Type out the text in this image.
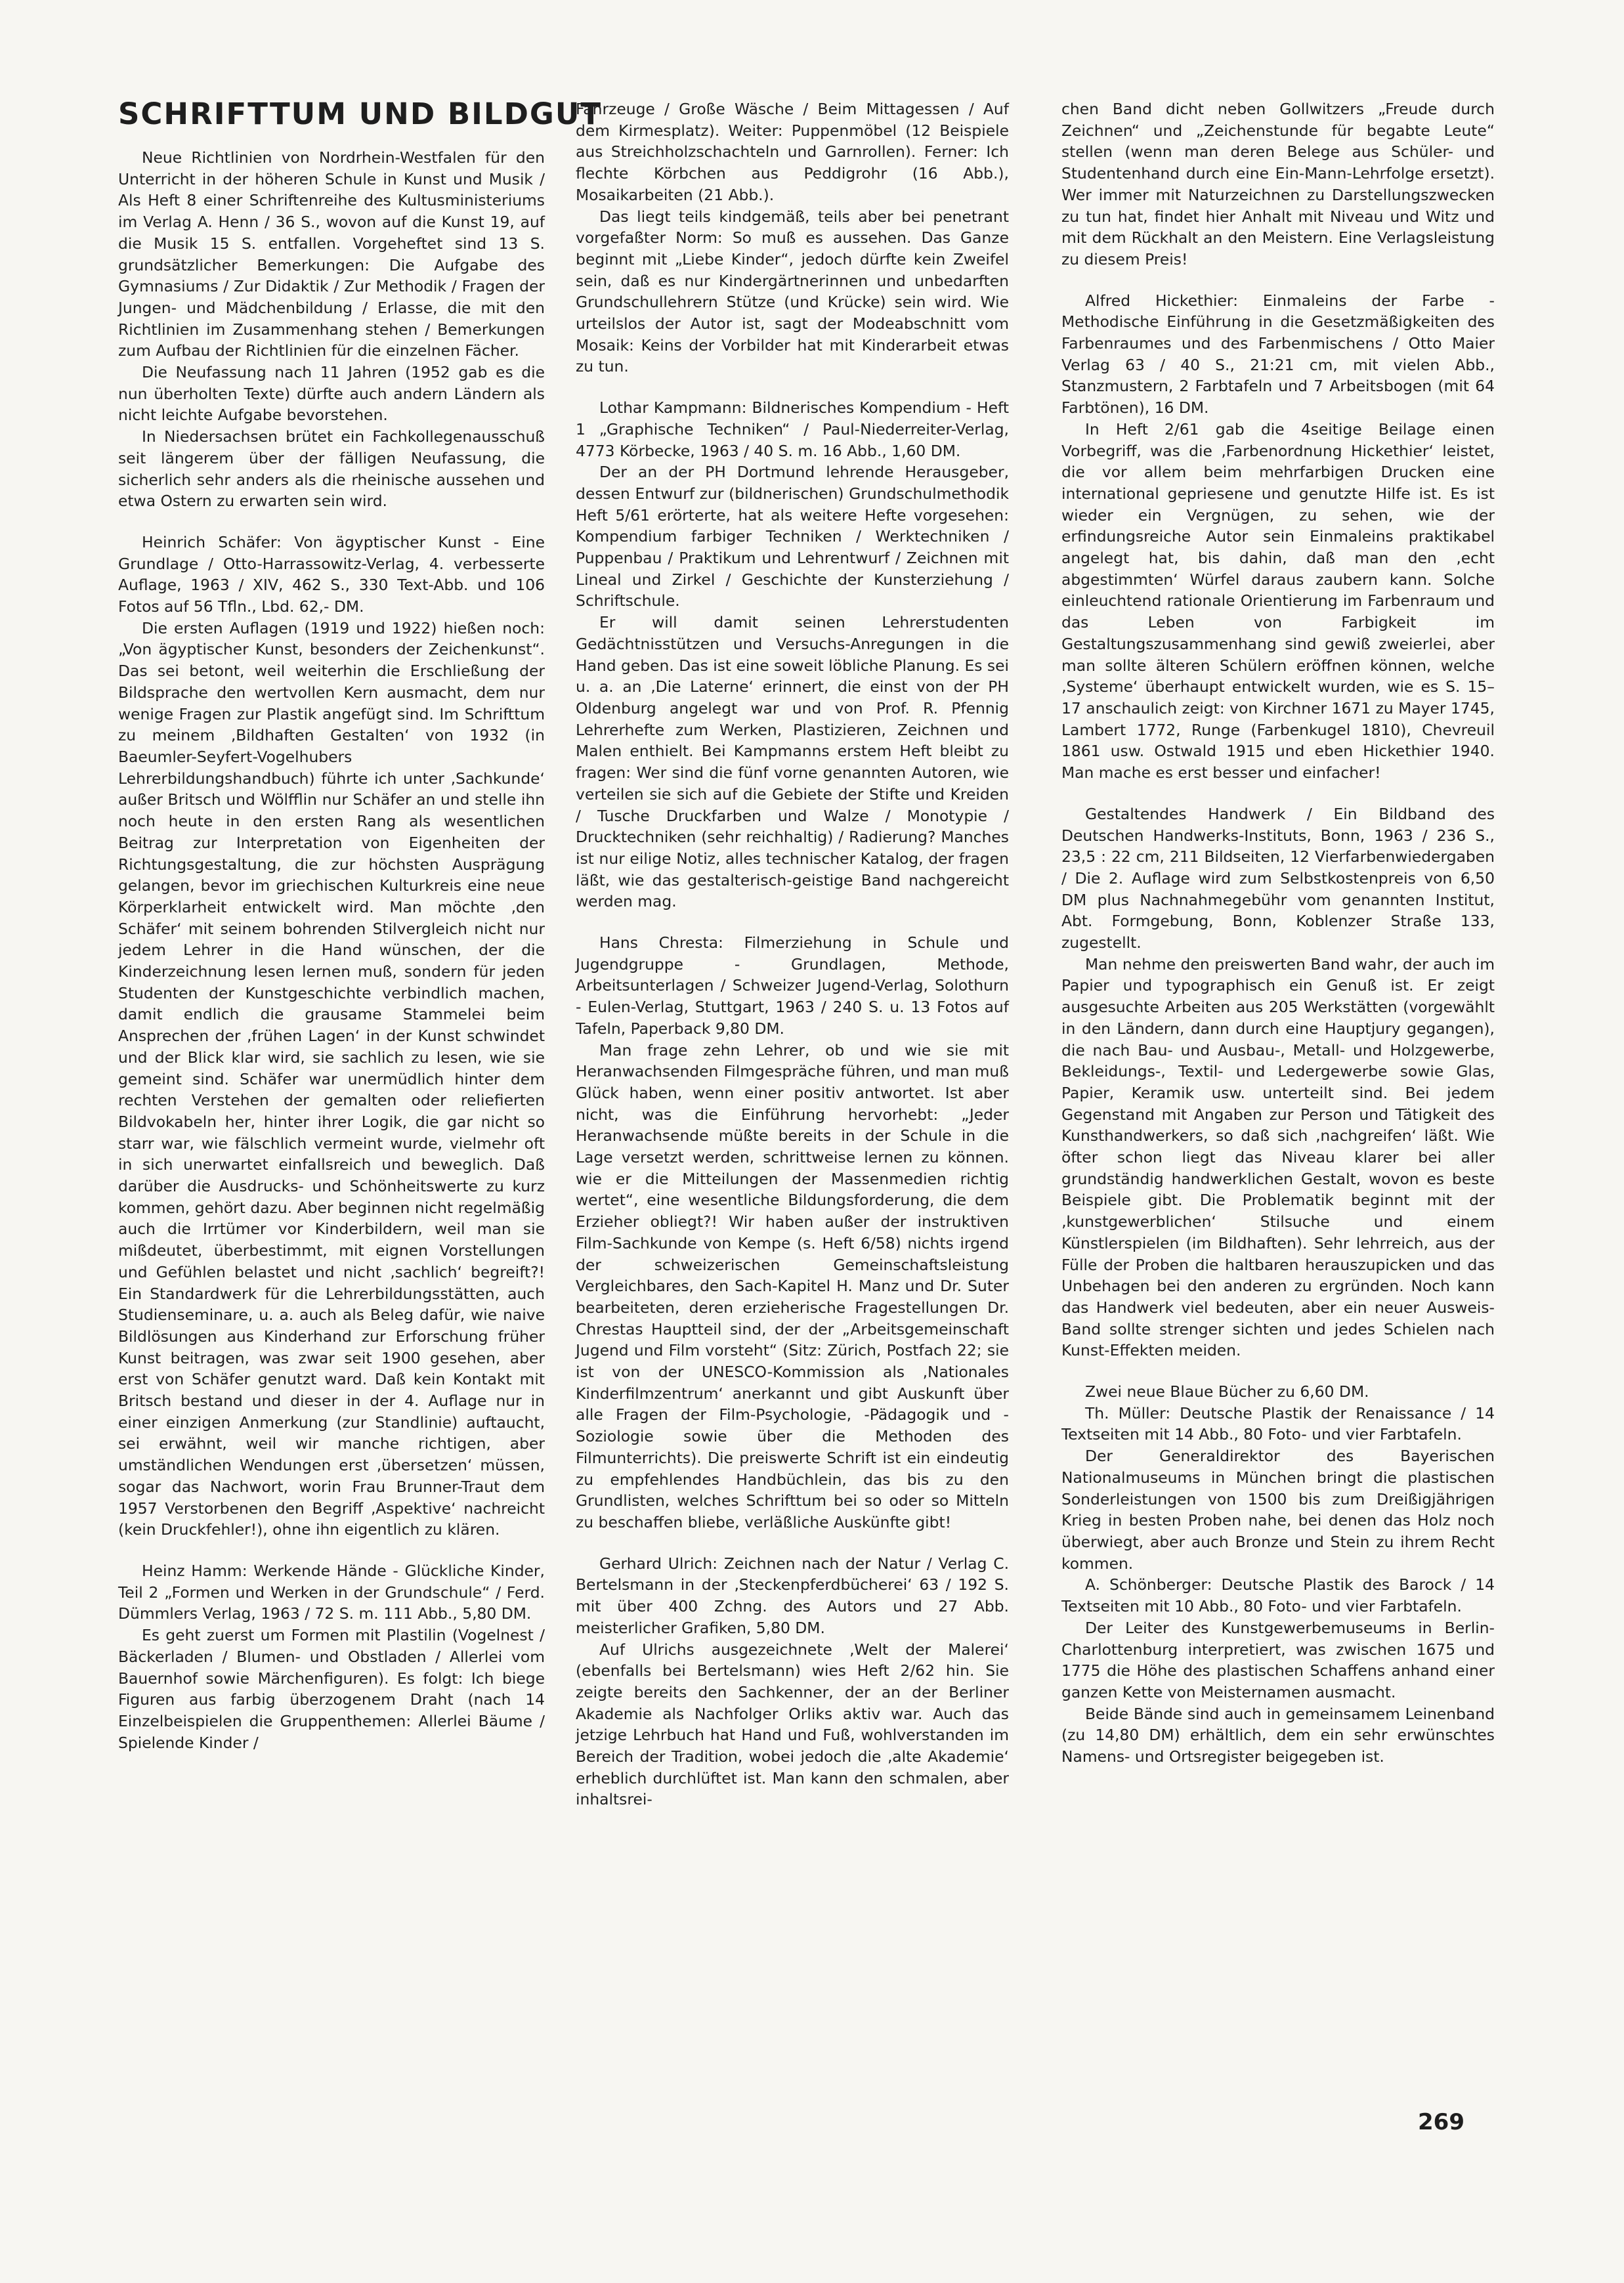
SCHRIFTTUM UND BILDGUT

Neue Richtlinien von Nordrhein-Westfalen für den Unterricht in der höheren Schule in Kunst und Musik / Als Heft 8 einer Schriftenreihe des Kultusministeriums im Verlag A. Henn / 36 S., wovon auf die Kunst 19, auf die Musik 15 S. entfallen. Vorgeheftet sind 13 S. grundsätzlicher Bemerkungen: Die Aufgabe des Gymnasiums / Zur Didaktik / Zur Methodik / Fragen der Jungen- und Mädchenbildung / Erlasse, die mit den Richtlinien im Zusammenhang stehen / Bemerkungen zum Aufbau der Richtlinien für die einzelnen Fächer.

Die Neufassung nach 11 Jahren (1952 gab es die nun überholten Texte) dürfte auch andern Ländern als nicht leichte Aufgabe bevorstehen.

In Niedersachsen brütet ein Fachkollegenausschuß seit längerem über der fälligen Neufassung, die sicherlich sehr anders als die rheinische aussehen und etwa Ostern zu erwarten sein wird.

Heinrich Schäfer: Von ägyptischer Kunst - Eine Grundlage / Otto-Harrassowitz-Verlag, 4. verbesserte Auflage, 1963 / XIV, 462 S., 330 Text-Abb. und 106 Fotos auf 56 Tfln., Lbd. 62,- DM.

Die ersten Auflagen (1919 und 1922) hießen noch: „Von ägyptischer Kunst, besonders der Zeichenkunst“. Das sei betont, weil weiterhin die Erschließung der Bildsprache den wertvollen Kern ausmacht, dem nur wenige Fragen zur Plastik angefügt sind. Im Schrifttum zu meinem ‚Bildhaften Gestalten‘ von 1932 (in Baeumler-Seyfert-Vogelhubers Lehrerbildungshandbuch) führte ich unter ‚Sachkunde‘ außer Britsch und Wölfflin nur Schäfer an und stelle ihn noch heute in den ersten Rang als wesentlichen Beitrag zur Interpretation von Eigenheiten der Richtungsgestaltung, die zur höchsten Ausprägung gelangen, bevor im griechischen Kulturkreis eine neue Körperklarheit entwickelt wird. Man möchte ‚den Schäfer‘ mit seinem bohrenden Stilvergleich nicht nur jedem Lehrer in die Hand wünschen, der die Kinderzeichnung lesen lernen muß, sondern für jeden Studenten der Kunstgeschichte verbindlich machen, damit endlich die grausame Stammelei beim Ansprechen der ‚frühen Lagen‘ in der Kunst schwindet und der Blick klar wird, sie sachlich zu lesen, wie sie gemeint sind. Schäfer war unermüdlich hinter dem rechten Verstehen der gemalten oder reliefierten Bildvokabeln her, hinter ihrer Logik, die gar nicht so starr war, wie fälschlich vermeint wurde, vielmehr oft in sich unerwartet einfallsreich und beweglich. Daß darüber die Ausdrucks- und Schönheitswerte zu kurz kommen, gehört dazu. Aber beginnen nicht regelmäßig auch die Irrtümer vor Kinderbildern, weil man sie mißdeutet, überbestimmt, mit eignen Vorstellungen und Gefühlen belastet und nicht ‚sachlich‘ begreift?! Ein Standardwerk für die Lehrerbildungsstätten, auch Studienseminare, u. a. auch als Beleg dafür, wie naive Bildlösungen aus Kinderhand zur Erforschung früher Kunst beitragen, was zwar seit 1900 gesehen, aber erst von Schäfer genutzt ward. Daß kein Kontakt mit Britsch bestand und dieser in der 4. Auflage nur in einer einzigen Anmerkung (zur Standlinie) auftaucht, sei erwähnt, weil wir manche richtigen, aber umständlichen Wendungen erst ‚übersetzen‘ müssen, sogar das Nachwort, worin Frau Brunner-Traut dem 1957 Verstorbenen den Begriff ‚Aspektive‘ nachreicht (kein Druckfehler!), ohne ihn eigentlich zu klären.

Heinz Hamm: Werkende Hände - Glückliche Kinder, Teil 2 „Formen und Werken in der Grundschule“ / Ferd. Dümmlers Verlag, 1963 / 72 S. m. 111 Abb., 5,80 DM.

Es geht zuerst um Formen mit Plastilin (Vogelnest / Bäckerladen / Blumen- und Obstladen / Allerlei vom Bauernhof sowie Märchenfiguren). Es folgt: Ich biege Figuren aus farbig überzogenem Draht (nach 14 Einzelbeispielen die Gruppenthemen: Allerlei Bäume / Spielende Kinder /

Fahrzeuge / Große Wäsche / Beim Mittagessen / Auf dem Kirmesplatz). Weiter: Puppenmöbel (12 Beispiele aus Streichholzschachteln und Garnrollen). Ferner: Ich flechte Körbchen aus Peddigrohr (16 Abb.), Mosaikarbeiten (21 Abb.).

Das liegt teils kindgemäß, teils aber bei penetrant vorgefaßter Norm: So muß es aussehen. Das Ganze beginnt mit „Liebe Kinder“, jedoch dürfte kein Zweifel sein, daß es nur Kindergärtnerinnen und unbedarften Grundschullehrern Stütze (und Krücke) sein wird. Wie urteilslos der Autor ist, sagt der Modeabschnitt vom Mosaik: Keins der Vorbilder hat mit Kinderarbeit etwas zu tun.

Lothar Kampmann: Bildnerisches Kompendium - Heft 1 „Graphische Techniken“ / Paul-Niederreiter-Verlag, 4773 Körbecke, 1963 / 40 S. m. 16 Abb., 1,60 DM.

Der an der PH Dortmund lehrende Herausgeber, dessen Entwurf zur (bildnerischen) Grundschulmethodik Heft 5/61 erörterte, hat als weitere Hefte vorgesehen: Kompendium farbiger Techniken / Werktechniken / Puppenbau / Praktikum und Lehrentwurf / Zeichnen mit Lineal und Zirkel / Geschichte der Kunsterziehung / Schriftschule.

Er will damit seinen Lehrerstudenten Gedächtnisstützen und Versuchs-Anregungen in die Hand geben. Das ist eine soweit löbliche Planung. Es sei u. a. an ‚Die Laterne‘ erinnert, die einst von der PH Oldenburg angelegt war und von Prof. R. Pfennig Lehrerhefte zum Werken, Plastizieren, Zeichnen und Malen enthielt. Bei Kampmanns erstem Heft bleibt zu fragen: Wer sind die fünf vorne genannten Autoren, wie verteilen sie sich auf die Gebiete der Stifte und Kreiden / Tusche Druckfarben und Walze / Monotypie / Drucktechniken (sehr reichhaltig) / Radierung? Manches ist nur eilige Notiz, alles technischer Katalog, der fragen läßt, wie das gestalterisch-geistige Band nachgereicht werden mag.

Hans Chresta: Filmerziehung in Schule und Jugendgruppe - Grundlagen, Methode, Arbeitsunterlagen / Schweizer Jugend-Verlag, Solothurn - Eulen-Verlag, Stuttgart, 1963 / 240 S. u. 13 Fotos auf Tafeln, Paperback 9,80 DM.

Man frage zehn Lehrer, ob und wie sie mit Heranwachsenden Filmgespräche führen, und man muß Glück haben, wenn einer positiv antwortet. Ist aber nicht, was die Einführung hervorhebt: „Jeder Heranwachsende müßte bereits in der Schule in die Lage versetzt werden, schrittweise lernen zu können. wie er die Mitteilungen der Massenmedien richtig wertet“, eine wesentliche Bildungsforderung, die dem Erzieher obliegt?! Wir haben außer der instruktiven Film-Sachkunde von Kempe (s. Heft 6/58) nichts irgend der schweizerischen Gemeinschaftsleistung Vergleichbares, den Sach-Kapitel H. Manz und Dr. Suter bearbeiteten, deren erzieherische Fragestellungen Dr. Chrestas Hauptteil sind, der der „Arbeitsgemeinschaft Jugend und Film vorsteht“ (Sitz: Zürich, Postfach 22; sie ist von der UNESCO-Kommission als ‚Nationales Kinderfilmzentrum‘ anerkannt und gibt Auskunft über alle Fragen der Film-Psychologie, -Pädagogik und -Soziologie sowie über die Methoden des Filmunterrichts). Die preiswerte Schrift ist ein eindeutig zu empfehlendes Handbüchlein, das bis zu den Grundlisten, welches Schrifttum bei so oder so Mitteln zu beschaffen bliebe, verläßliche Auskünfte gibt!

Gerhard Ulrich: Zeichnen nach der Natur / Verlag C. Bertelsmann in der ‚Steckenpferdbücherei‘ 63 / 192 S. mit über 400 Zchng. des Autors und 27 Abb. meisterlicher Grafiken, 5,80 DM.

Auf Ulrichs ausgezeichnete ‚Welt der Malerei‘ (ebenfalls bei Bertelsmann) wies Heft 2/62 hin. Sie zeigte bereits den Sachkenner, der an der Berliner Akademie als Nachfolger Orliks aktiv war. Auch das jetzige Lehrbuch hat Hand und Fuß, wohlverstanden im Bereich der Tradition, wobei jedoch die ‚alte Akademie‘ erheblich durchlüftet ist. Man kann den schmalen, aber inhaltsrei-

chen Band dicht neben Gollwitzers „Freude durch Zeichnen“ und „Zeichenstunde für begabte Leute“ stellen (wenn man deren Belege aus Schüler- und Studentenhand durch eine Ein-Mann-Lehrfolge ersetzt). Wer immer mit Naturzeichnen zu Darstellungszwecken zu tun hat, findet hier Anhalt mit Niveau und Witz und mit dem Rückhalt an den Meistern. Eine Verlagsleistung zu diesem Preis!

Alfred Hickethier: Einmaleins der Farbe - Methodische Einführung in die Gesetzmäßigkeiten des Farbenraumes und des Farbenmischens / Otto Maier Verlag 63 / 40 S., 21:21 cm, mit vielen Abb., Stanzmustern, 2 Farbtafeln und 7 Arbeitsbogen (mit 64 Farbtönen), 16 DM.

In Heft 2/61 gab die 4seitige Beilage einen Vorbegriff, was die ‚Farbenordnung Hickethier‘ leistet, die vor allem beim mehrfarbigen Drucken eine international gepriesene und genutzte Hilfe ist. Es ist wieder ein Vergnügen, zu sehen, wie der erfindungsreiche Autor sein Einmaleins praktikabel angelegt hat, bis dahin, daß man den ‚echt abgestimmten‘ Würfel daraus zaubern kann. Solche einleuchtend rationale Orientierung im Farbenraum und das Leben von Farbigkeit im Gestaltungszusammenhang sind gewiß zweierlei, aber man sollte älteren Schülern eröffnen können, welche ‚Systeme‘ überhaupt entwickelt wurden, wie es S. 15–17 anschaulich zeigt: von Kirchner 1671 zu Mayer 1745, Lambert 1772, Runge (Farbenkugel 1810), Chevreuil 1861 usw. Ostwald 1915 und eben Hickethier 1940. Man mache es erst besser und einfacher!

Gestaltendes Handwerk / Ein Bildband des Deutschen Handwerks-Instituts, Bonn, 1963 / 236 S., 23,5 : 22 cm, 211 Bildseiten, 12 Vierfarbenwiedergaben / Die 2. Auflage wird zum Selbstkostenpreis von 6,50 DM plus Nachnahmegebühr vom genannten Institut, Abt. Formgebung, Bonn, Koblenzer Straße 133, zugestellt.

Man nehme den preiswerten Band wahr, der auch im Papier und typographisch ein Genuß ist. Er zeigt ausgesuchte Arbeiten aus 205 Werkstätten (vorgewählt in den Ländern, dann durch eine Hauptjury gegangen), die nach Bau- und Ausbau-, Metall- und Holzgewerbe, Bekleidungs-, Textil- und Ledergewerbe sowie Glas, Papier, Keramik usw. unterteilt sind. Bei jedem Gegenstand mit Angaben zur Person und Tätigkeit des Kunsthandwerkers, so daß sich ‚nachgreifen‘ läßt. Wie öfter schon liegt das Niveau klarer bei aller grundständig handwerklichen Gestalt, wovon es beste Beispiele gibt. Die Problematik beginnt mit der ‚kunstgewerblichen‘ Stilsuche und einem Künstlerspielen (im Bildhaften). Sehr lehrreich, aus der Fülle der Proben die haltbaren herauszupicken und das Unbehagen bei den anderen zu ergründen. Noch kann das Handwerk viel bedeuten, aber ein neuer Ausweis-Band sollte strenger sichten und jedes Schielen nach Kunst-Effekten meiden.

Zwei neue Blaue Bücher zu 6,60 DM.

Th. Müller: Deutsche Plastik der Renaissance / 14 Textseiten mit 14 Abb., 80 Foto- und vier Farbtafeln.

Der Generaldirektor des Bayerischen Nationalmuseums in München bringt die plastischen Sonderleistungen von 1500 bis zum Dreißigjährigen Krieg in besten Proben nahe, bei denen das Holz noch überwiegt, aber auch Bronze und Stein zu ihrem Recht kommen.

A. Schönberger: Deutsche Plastik des Barock / 14 Textseiten mit 10 Abb., 80 Foto- und vier Farbtafeln.

Der Leiter des Kunstgewerbemuseums in Berlin-Charlottenburg interpretiert, was zwischen 1675 und 1775 die Höhe des plastischen Schaffens anhand einer ganzen Kette von Meisternamen ausmacht.

Beide Bände sind auch in gemeinsamem Leinenband (zu 14,80 DM) erhältlich, dem ein sehr erwünschtes Namens- und Ortsregister beigegeben ist.

269
